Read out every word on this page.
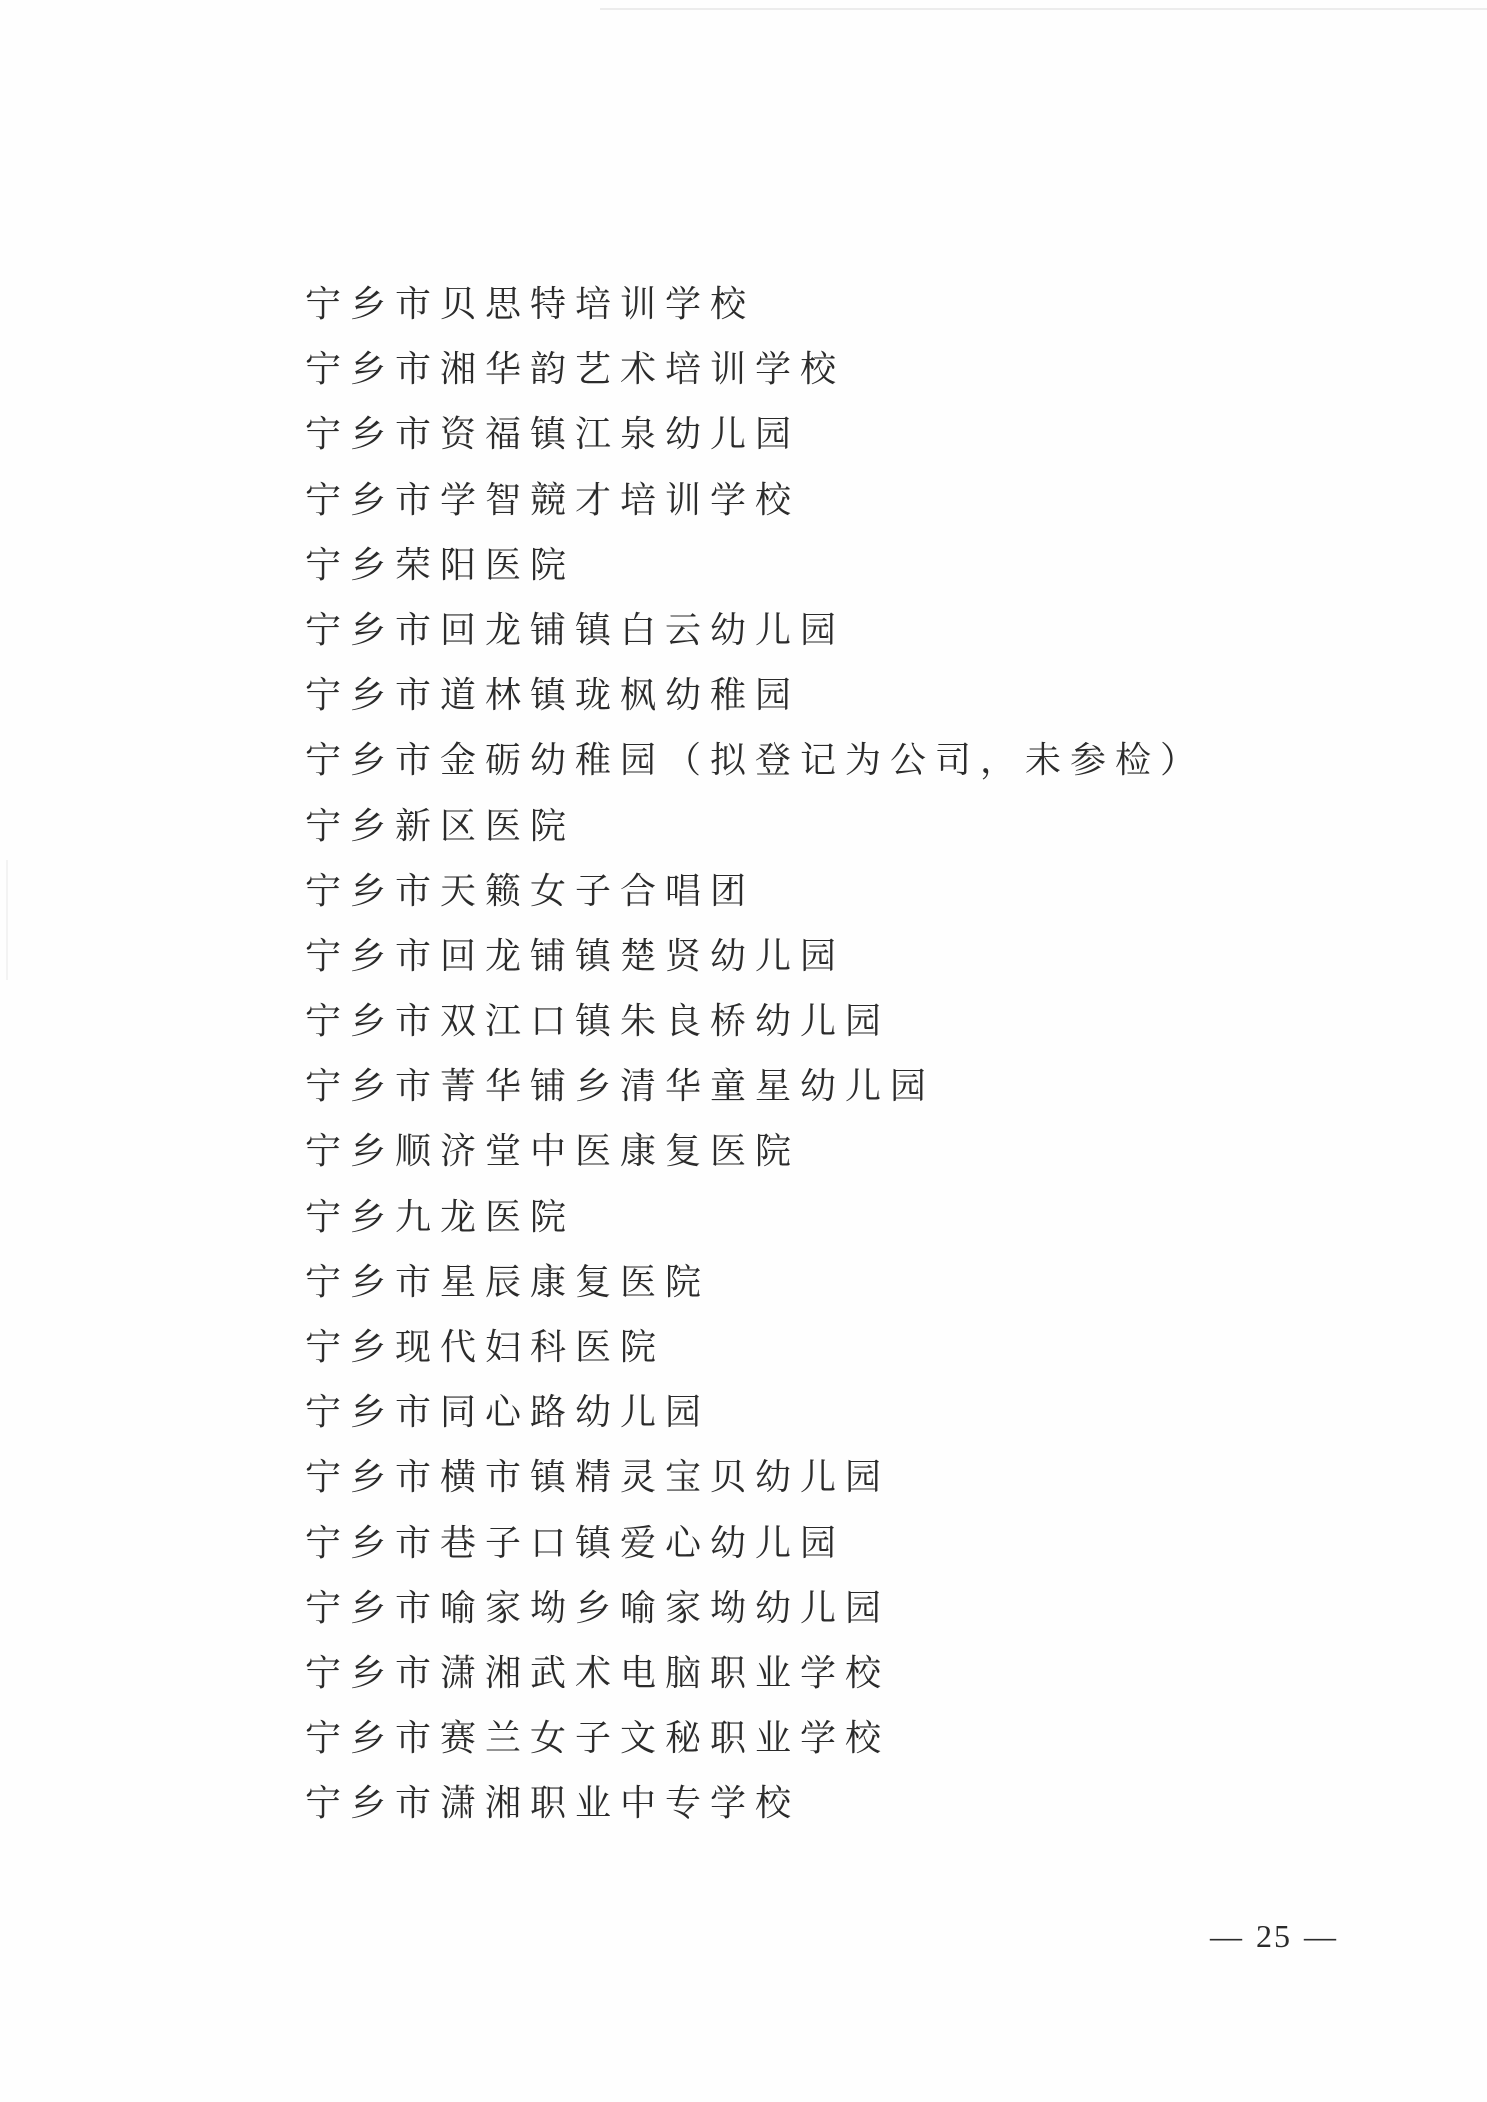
宁乡市贝思特培训学校
宁乡市湘华韵艺术培训学校
宁乡市资福镇江泉幼儿园
宁乡市学智競才培训学校
宁乡荣阳医院
宁乡市回龙铺镇白云幼儿园
宁乡市道林镇珑枫幼稚园
宁乡市金砺幼稚园（拟登记为公司，未参检）
宁乡新区医院
宁乡市天籁女子合唱团
宁乡市回龙铺镇楚贤幼儿园
宁乡市双江口镇朱良桥幼儿园
宁乡市菁华铺乡清华童星幼儿园
宁乡顺济堂中医康复医院
宁乡九龙医院
宁乡市星辰康复医院
宁乡现代妇科医院
宁乡市同心路幼儿园
宁乡市横市镇精灵宝贝幼儿园
宁乡市巷子口镇爱心幼儿园
宁乡市喻家坳乡喻家坳幼儿园
宁乡市潇湘武术电脑职业学校
宁乡市赛兰女子文秘职业学校
宁乡市潇湘职业中专学校
— 25 —
